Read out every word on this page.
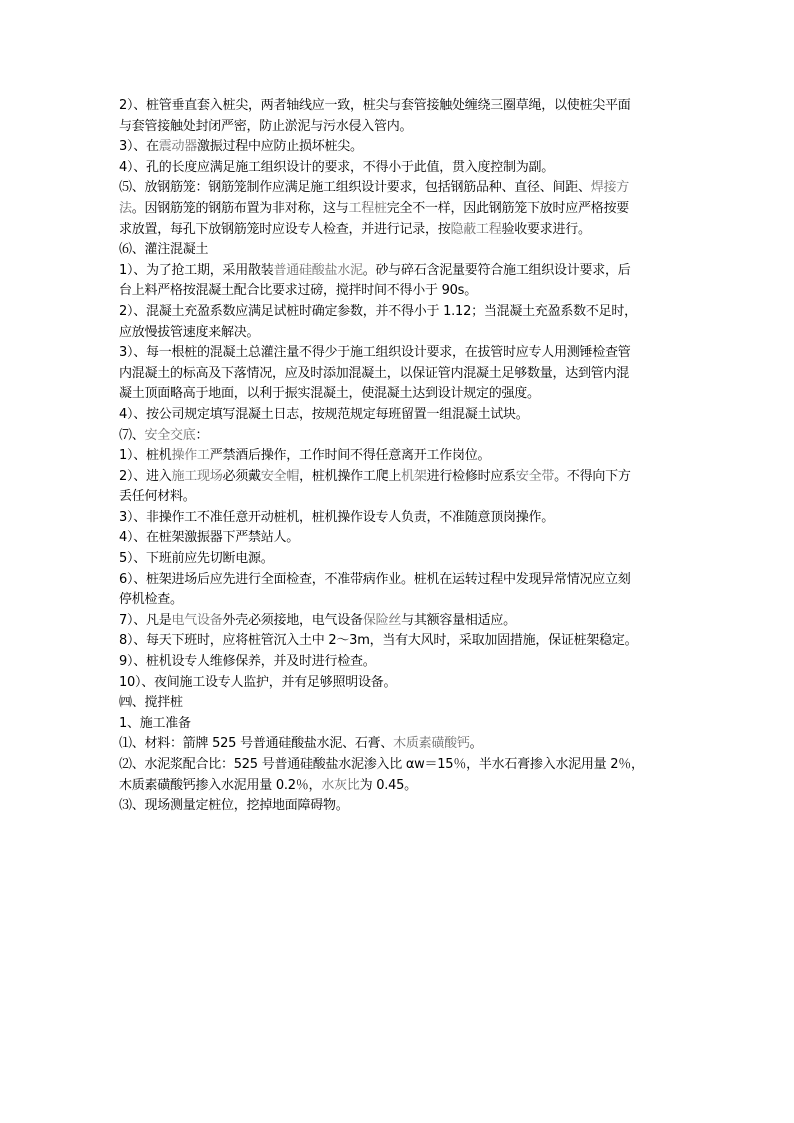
2）、桩管垂直套入桩尖，两者轴线应一致，桩尖与套管接触处缠绕三圈草绳，以使桩尖平面
与套管接触处封闭严密，防止淤泥与污水侵入管内。
3）、在震动器激振过程中应防止损坏桩尖。
4）、孔的长度应满足施工组织设计的要求，不得小于此值，贯入度控制为副。
⑸、放钢筋笼：钢筋笼制作应满足施工组织设计要求，包括钢筋品种、直径、间距、焊接方
法。因钢筋笼的钢筋布置为非对称，这与工程桩完全不一样，因此钢筋笼下放时应严格按要
求放置，每孔下放钢筋笼时应设专人检查，并进行记录，按隐蔽工程验收要求进行。
⑹、灌注混凝土
1）、为了抢工期，采用散装普通硅酸盐水泥。砂与碎石含泥量要符合施工组织设计要求，后
台上料严格按混凝土配合比要求过磅，搅拌时间不得小于 90s。
2）、混凝土充盈系数应满足试桩时确定参数，并不得小于 1.12；当混凝土充盈系数不足时，
应放慢拔管速度来解决。
3）、每一根桩的混凝土总灌注量不得少于施工组织设计要求，在拔管时应专人用测锤检查管
内混凝土的标高及下落情况，应及时添加混凝土，以保证管内混凝土足够数量，达到管内混
凝土顶面略高于地面，以利于振实混凝土，使混凝土达到设计规定的强度。
4）、按公司规定填写混凝土日志，按规范规定每班留置一组混凝土试块。
⑺、安全交底：
1）、桩机操作工严禁酒后操作，工作时间不得任意离开工作岗位。
2）、进入施工现场必须戴安全帽，桩机操作工爬上机架进行检修时应系安全带。不得向下方
丢任何材料。
3）、非操作工不准任意开动桩机，桩机操作设专人负责，不准随意顶岗操作。
4）、在桩架激振器下严禁站人。
5）、下班前应先切断电源。
6）、桩架进场后应先进行全面检查，不准带病作业。桩机在运转过程中发现异常情况应立刻
停机检查。
7）、凡是电气设备外壳必须接地，电气设备保险丝与其额容量相适应。
8）、每天下班时，应将桩管沉入土中 2～3m，当有大风时，采取加固措施，保证桩架稳定。
9）、桩机设专人维修保养，并及时进行检查。
10）、夜间施工设专人监护，并有足够照明设备。
㈣、搅拌桩
1、施工准备
⑴、材料：箭牌 525 号普通硅酸盐水泥、石膏、木质素磺酸钙。
⑵、水泥浆配合比：525 号普通硅酸盐水泥渗入比 αw＝15％，半水石膏掺入水泥用量 2％，
木质素磺酸钙掺入水泥用量 0.2％，水灰比为 0.45。
⑶、现场测量定桩位，挖掉地面障碍物。
